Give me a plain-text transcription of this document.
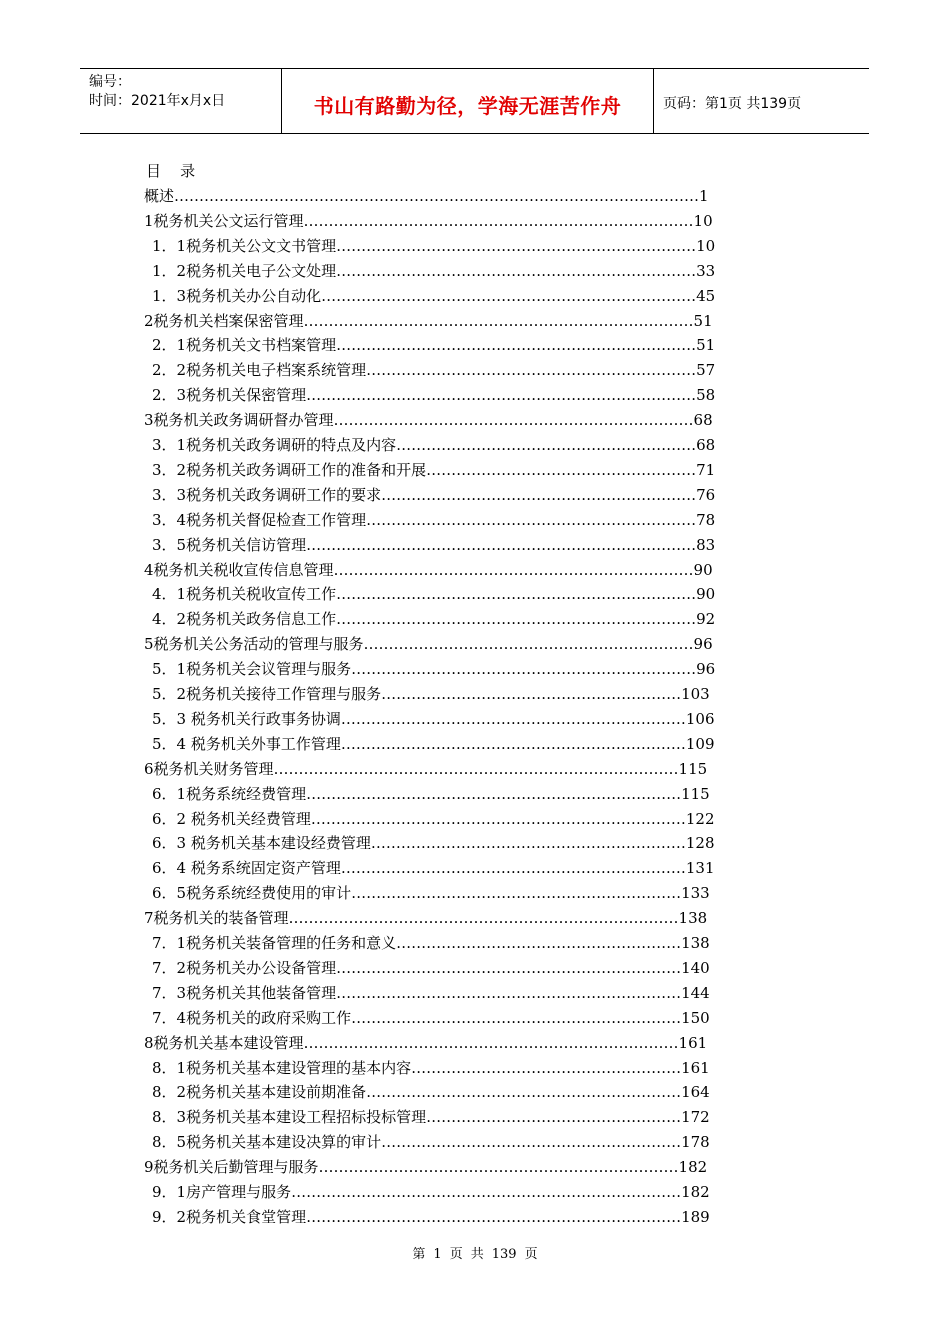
编号：
时间：2021年x月x日	书山有路勤为径，学海无涯苦作舟	页码：第1页 共139页
目    录
概述……………………………………………………………………………………………1
1税务机关公文运行管理……………………………………………………………………10
1．1税务机关公文文书管理………………………………………………………………10
1．2税务机关电子公文处理………………………………………………………………33
1．3税务机关办公自动化…………………………………………………………………45
2税务机关档案保密管理……………………………………………………………………51
2．1税务机关文书档案管理………………………………………………………………51
2．2税务机关电子档案系统管理…………………………………………………………57
2．3税务机关保密管理……………………………………………………………………58
3税务机关政务调研督办管理………………………………………………………………68
3．1税务机关政务调研的特点及内容……………………………………………………68
3．2税务机关政务调研工作的准备和开展………………………………………………71
3．3税务机关政务调研工作的要求………………………………………………………76
3．4税务机关督促检查工作管理…………………………………………………………78
3．5税务机关信访管理……………………………………………………………………83
4税务机关税收宣传信息管理………………………………………………………………90
4．1税务机关税收宣传工作………………………………………………………………90
4．2税务机关政务信息工作………………………………………………………………92
5税务机关公务活动的管理与服务…………………………………………………………96
5．1税务机关会议管理与服务……………………………………………………………96
5．2税务机关接待工作管理与服务……………………………………………………103
5．3 税务机关行政事务协调……………………………………………………………106
5．4 税务机关外事工作管理……………………………………………………………109
6税务机关财务管理………………………………………………………………………115
6．1税务系统经费管理…………………………………………………………………115
6．2 税务机关经费管理…………………………………………………………………122
6．3 税务机关基本建设经费管理………………………………………………………128
6．4 税务系统固定资产管理……………………………………………………………131
6．5税务系统经费使用的审计…………………………………………………………133
7税务机关的装备管理……………………………………………………………………138
7．1税务机关装备管理的任务和意义…………………………………………………138
7．2税务机关办公设备管理……………………………………………………………140
7．3税务机关其他装备管理……………………………………………………………144
7．4税务机关的政府采购工作…………………………………………………………150
8税务机关基本建设管理…………………………………………………………………161
8．1税务机关基本建设管理的基本内容………………………………………………161
8．2税务机关基本建设前期准备………………………………………………………164
8．3税务机关基本建设工程招标投标管理……………………………………………172
8．5税务机关基本建设决算的审计……………………………………………………178
9税务机关后勤管理与服务………………………………………………………………182
9．1房产管理与服务……………………………………………………………………182
9．2税务机关食堂管理…………………………………………………………………189
第 1 页 共 139 页
